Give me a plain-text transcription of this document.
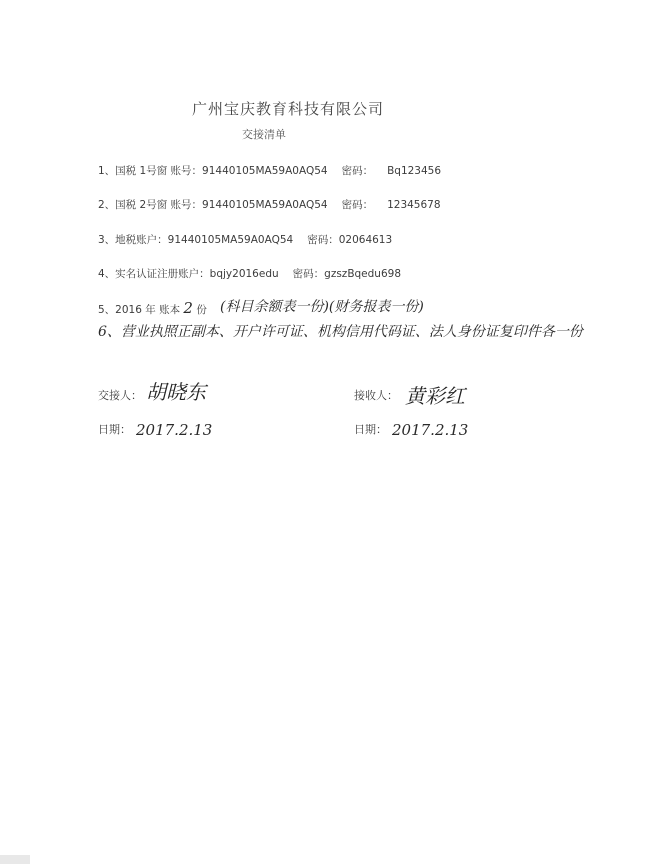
广州宝庆教育科技有限公司
交接清单
1、国税 1号窗 账号：91440105MA59A0AQ54 密码： Bq123456
2、国税 2号窗 账号：91440105MA59A0AQ54 密码： 12345678
3、地税账户：91440105MA59A0AQ54 密码：02064613
4、实名认证注册账户：bqjy2016edu 密码：gzszBqedu698
5、2016 年 账本 2 份 (科目余额表一份)(财务报表一份)
6、营业执照正副本、开户许可证、机构信用代码证、法人身份证复印件各一份
交接人： 胡晓东	接收人： 黄彩红
日期： 2017.2.13	日期： 2017.2.13
